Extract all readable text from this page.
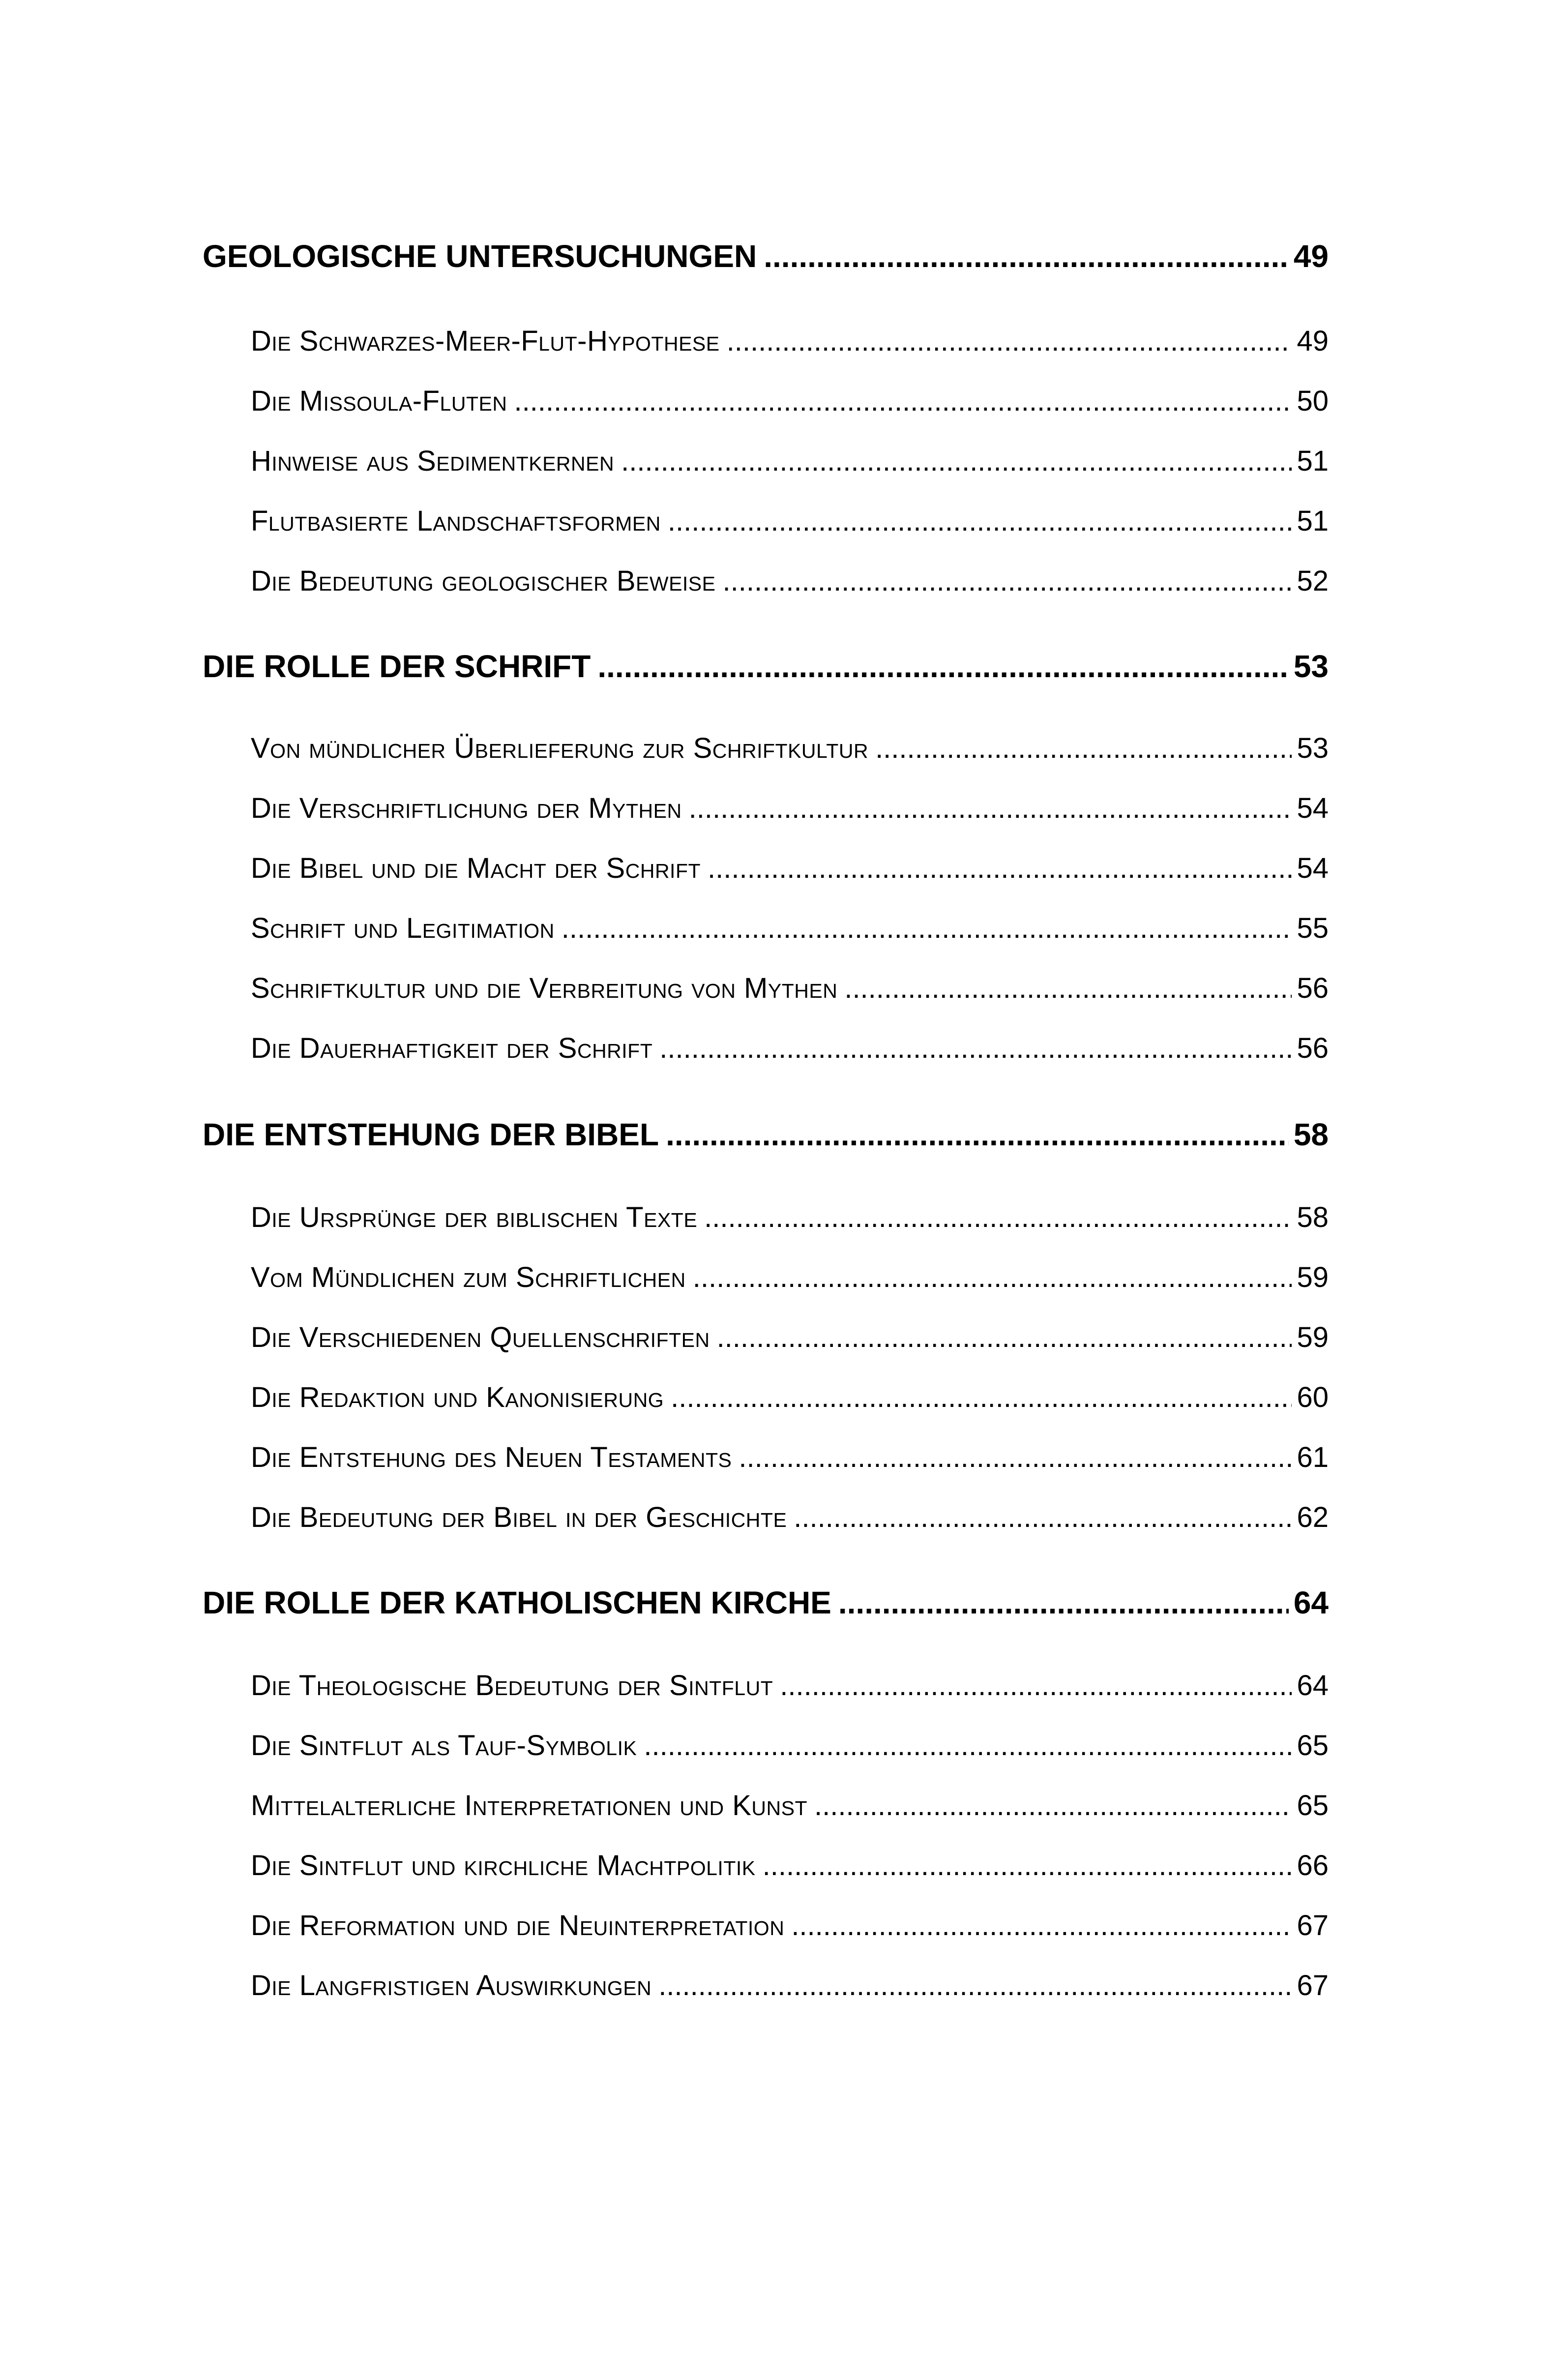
GEOLOGISCHE UNTERSUCHUNGEN .....	49
Die Schwarzes-Meer-Flut-Hypothese .....	49
Die Missoula-Fluten .....	50
Hinweise aus Sedimentkernen .....	51
Flutbasierte Landschaftsformen .....	51
Die Bedeutung geologischer Beweise .....	52
DIE ROLLE DER SCHRIFT .....	53
Von mündlicher Überlieferung zur Schriftkultur .....	53
Die Verschriftlichung der Mythen .....	54
Die Bibel und die Macht der Schrift .....	54
Schrift und Legitimation .....	55
Schriftkultur und die Verbreitung von Mythen .....	56
Die Dauerhaftigkeit der Schrift .....	56
DIE ENTSTEHUNG DER BIBEL .....	58
Die Ursprünge der biblischen Texte .....	58
Vom Mündlichen zum Schriftlichen .....	59
Die Verschiedenen Quellenschriften .....	59
Die Redaktion und Kanonisierung .....	60
Die Entstehung des Neuen Testaments .....	61
Die Bedeutung der Bibel in der Geschichte .....	62
DIE ROLLE DER KATHOLISCHEN KIRCHE .....	64
Die Theologische Bedeutung der Sintflut .....	64
Die Sintflut als Tauf-Symbolik .....	65
Mittelalterliche Interpretationen und Kunst .....	65
Die Sintflut und kirchliche Machtpolitik .....	66
Die Reformation und die Neuinterpretation .....	67
Die Langfristigen Auswirkungen .....	67
